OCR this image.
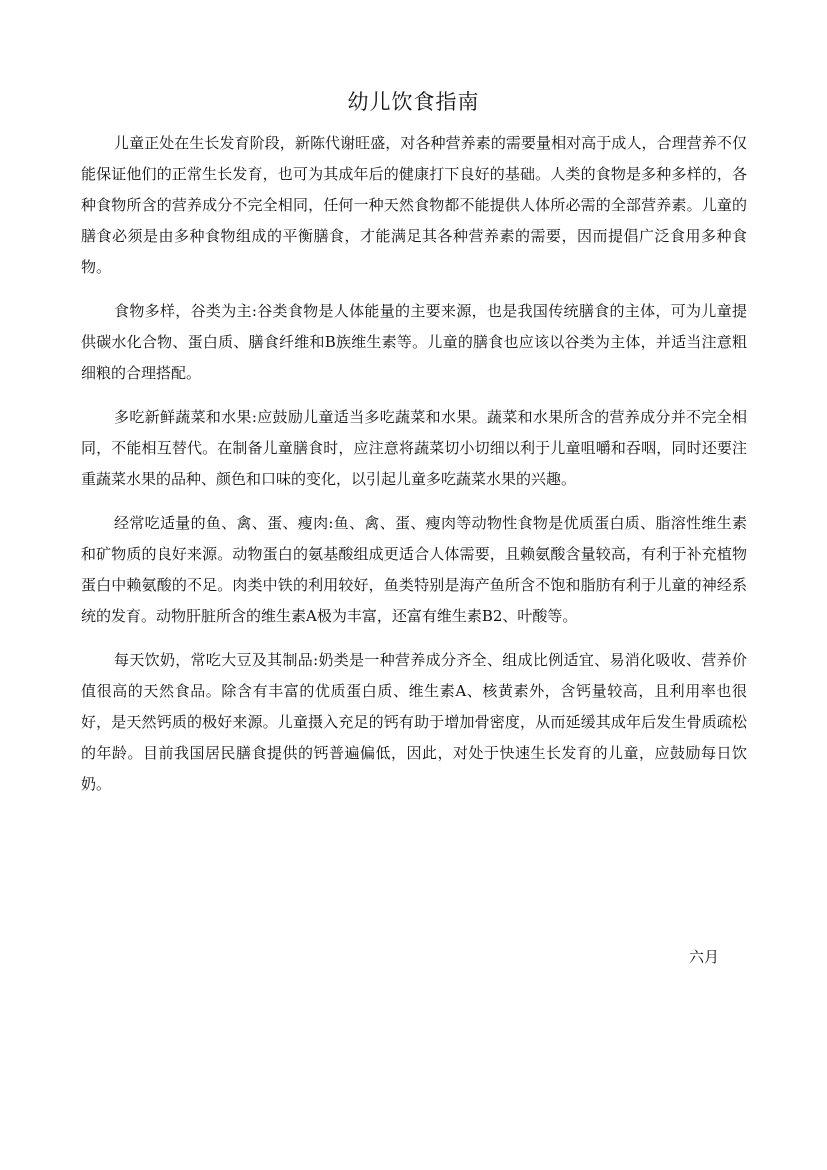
幼儿饮食指南

儿童正处在生长发育阶段，新陈代谢旺盛，对各种营养素的需要量相对高于成人，合理营养不仅能保证他们的正常生长发育，也可为其成年后的健康打下良好的基础。人类的食物是多种多样的，各种食物所含的营养成分不完全相同，任何一种天然食物都不能提供人体所必需的全部营养素。儿童的膳食必须是由多种食物组成的平衡膳食，才能满足其各种营养素的需要，因而提倡广泛食用多种食物。

食物多样，谷类为主:谷类食物是人体能量的主要来源，也是我国传统膳食的主体，可为儿童提供碳水化合物、蛋白质、膳食纤维和B族维生素等。儿童的膳食也应该以谷类为主体，并适当注意粗细粮的合理搭配。

多吃新鲜蔬菜和水果:应鼓励儿童适当多吃蔬菜和水果。蔬菜和水果所含的营养成分并不完全相同，不能相互替代。在制备儿童膳食时，应注意将蔬菜切小切细以利于儿童咀嚼和吞咽，同时还要注重蔬菜水果的品种、颜色和口味的变化，以引起儿童多吃蔬菜水果的兴趣。

经常吃适量的鱼、禽、蛋、瘦肉:鱼、禽、蛋、瘦肉等动物性食物是优质蛋白质、脂溶性维生素和矿物质的良好来源。动物蛋白的氨基酸组成更适合人体需要，且赖氨酸含量较高，有利于补充植物蛋白中赖氨酸的不足。肉类中铁的利用较好，鱼类特别是海产鱼所含不饱和脂肪有利于儿童的神经系统的发育。动物肝脏所含的维生素A极为丰富，还富有维生素B2、叶酸等。

每天饮奶，常吃大豆及其制品:奶类是一种营养成分齐全、组成比例适宜、易消化吸收、营养价值很高的天然食品。除含有丰富的优质蛋白质、维生素A、核黄素外，含钙量较高，且利用率也很好，是天然钙质的极好来源。儿童摄入充足的钙有助于增加骨密度，从而延缓其成年后发生骨质疏松的年龄。目前我国居民膳食提供的钙普遍偏低，因此，对处于快速生长发育的儿童，应鼓励每日饮奶。

六月
